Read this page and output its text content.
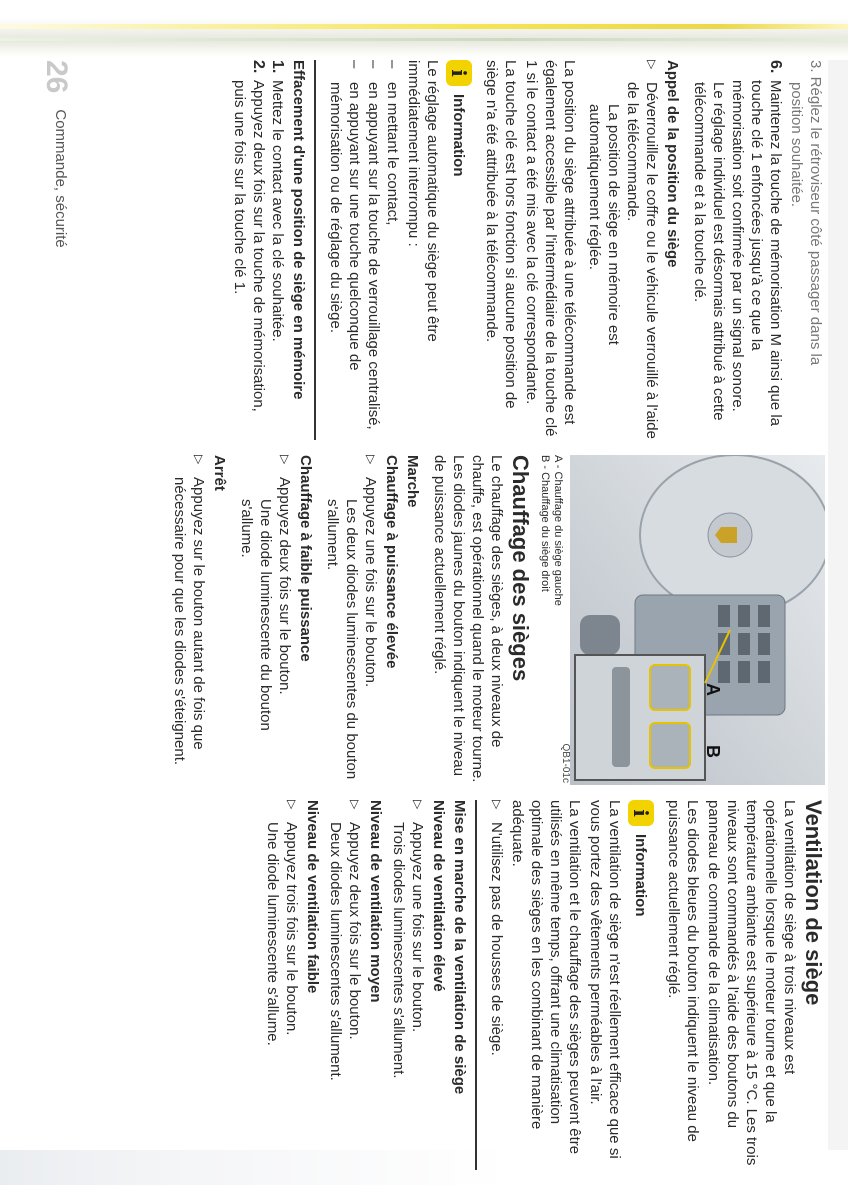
3. Réglez le rétroviseur côté passager dans la
position souhaitée.

6.
Maintenez la touche de mémorisation M ainsi que la touche clé 1 enfoncées jusqu'à ce que la mémorisation soit confirmée par un signal sonore.

Le réglage individuel est désormais attribué à cette télécommande et à la touche clé.

Appel de la position du siège

▷
Déverrouillez le coffre ou le véhicule verrouillé à l'aide de la télécommande.

La position de siège en mémoire est automatiquement réglée.

La position du siège attribuée à une télécommande est également accessible par l'intermédiaire de la touche clé 1 si le contact a été mis avec la clé correspondante.

La touche clé est hors fonction si aucune position de siège n'a été attribuée à la télécommande.

i
Information

Le réglage automatique du siège peut être immédiatement interrompu :

–
en mettant le contact,
–
en appuyant sur la touche de verrouillage centralisé,
–
en appuyant sur une touche quelconque de mémorisation ou de réglage du siège.

Effacement d'une position de siège en mémoire

1.
Mettez le contact avec la clé souhaitée.
2.
Appuyez deux fois sur la touche de mémorisation, puis une fois sur la touche clé 1.
26
Commande, sécurité
A
B
QB1-01c
A - Chauffage du siège gauche
B - Chauffage du siège droit

Chauffage des sièges

Le chauffage des sièges, à deux niveaux de chauffe, est opérationnel quand le moteur tourne. Les diodes jaunes du bouton indiquent le niveau de puissance actuellement réglé.

Marche

Chauffage à puissance élevée

▷
Appuyez une fois sur le bouton.

Les deux diodes luminescentes du bouton s'allument.

Chauffage à faible puissance

▷
Appuyez deux fois sur le bouton.

Une diode luminescente du bouton s'allume.

Arrêt

▷
Appuyez sur le bouton autant de fois que nécessaire pour que les diodes s'éteignent.

Ventilation de siège

La ventilation de siège à trois niveaux est opérationnelle lorsque le moteur tourne et que la température ambiante est supérieure à 15 °C. Les trois niveaux sont commandés à l'aide des boutons du panneau de commande de la climatisation.

Les diodes bleues du bouton indiquent le niveau de puissance actuellement réglé.

i
Information

La ventilation de siège n'est réellement efficace que si vous portez des vêtements perméables à l'air.

La ventilation et le chauffage des sièges peuvent être utilisés en même temps, offrant une climatisation optimale des sièges en les combinant de manière adéquate.

▷
N'utilisez pas de housses de siège.

Mise en marche de la ventilation de siège

Niveau de ventilation élevé

▷
Appuyez une fois sur le bouton.

Trois diodes luminescentes s'allument.

Niveau de ventilation moyen

▷
Appuyez deux fois sur le bouton.

Deux diodes luminescentes s'allument.

Niveau de ventilation faible

▷
Appuyez trois fois sur le bouton.

Une diode luminescente s'allume.
